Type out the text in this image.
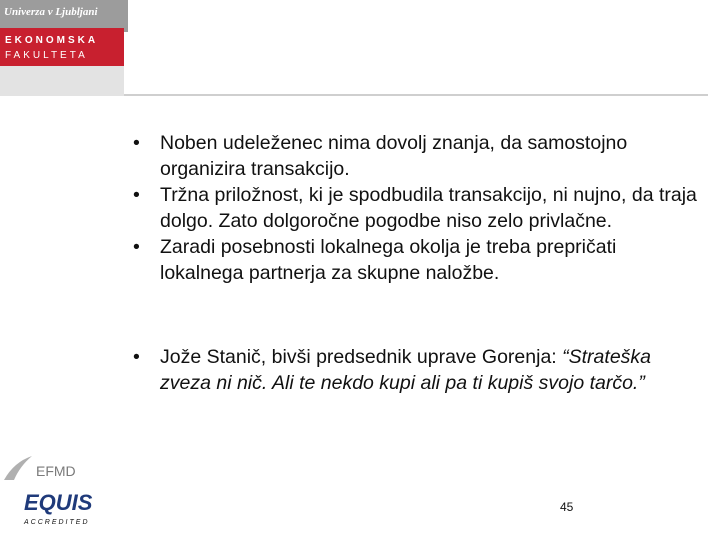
Univerza v Ljubljani
EKONOMSKA
FAKULTETA
• Noben udeleženec nima dovolj znanja, da samostojno organizira transakcijo.
• Tržna priložnost, ki je spodbudila transakcijo, ni nujno, da traja dolgo. Zato dolgoročne pogodbe niso zelo privlačne.
• Zaradi posebnosti lokalnega okolja je treba prepričati lokalnega partnerja za skupne naložbe.
• Jože Stanič, bivši predsednik uprave Gorenja: “Strateška zveza ni nič. Ali te nekdo kupi ali pa ti kupiš svojo tarčo.”
EFMD
EQUIS
ACCREDITED
45
